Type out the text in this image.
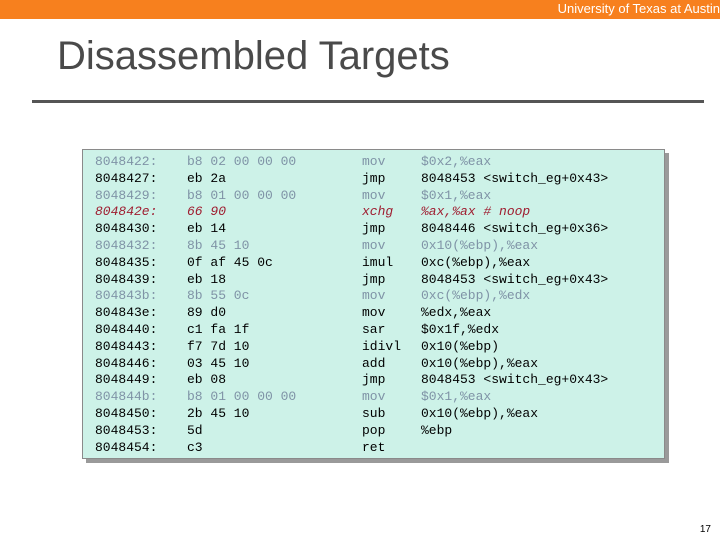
University of Texas at Austin
Disassembled Targets
8048422: b8 02 00 00 00	mov	$0x2,%eax
8048427: eb 2a	jmp	8048453 <switch_eg+0x43>
8048429: b8 01 00 00 00	mov	$0x1,%eax
804842e: 66 90	xchg %ax,%ax # noop
8048430: eb 14	jmp	8048446 <switch_eg+0x36>
8048432: 8b 45 10	mov	0x10(%ebp),%eax
8048435: 0f af 45 0c	imul 0xc(%ebp),%eax
8048439: eb 18	jmp	8048453 <switch_eg+0x43>
804843b: 8b 55 0c	mov	0xc(%ebp),%edx
804843e: 89 d0	mov	%edx,%eax
8048440: c1 fa 1f	sar	$0x1f,%edx
8048443: f7 7d 10	idivl 0x10(%ebp)
8048446: 03 45 10	add	0x10(%ebp),%eax
8048449: eb 08	jmp	8048453 <switch_eg+0x43>
804844b: b8 01 00 00 00	mov	$0x1,%eax
8048450: 2b 45 10	sub	0x10(%ebp),%eax
8048453: 5d	pop	%ebp
8048454: c3	ret
17
